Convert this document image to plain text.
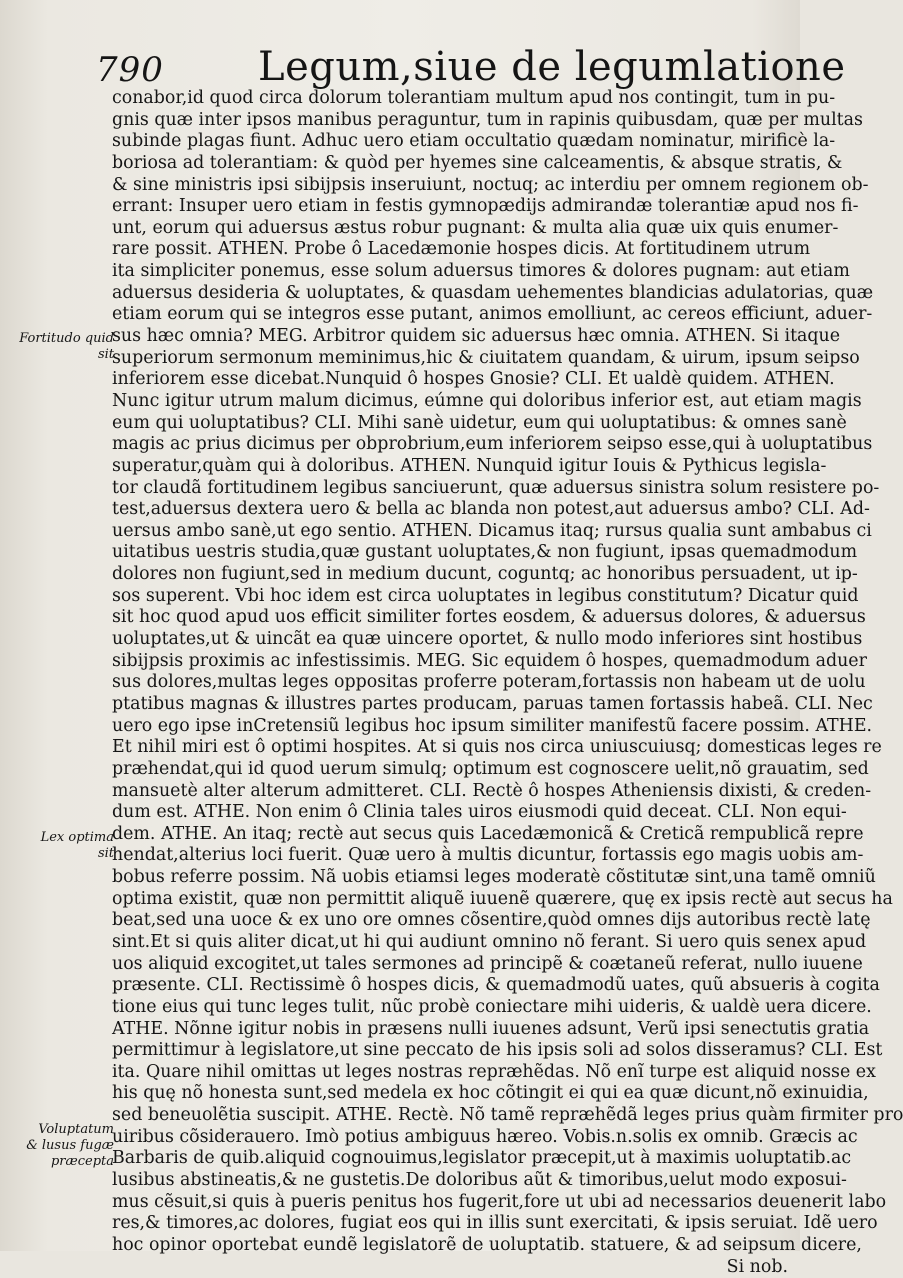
790 Legum,siue de legumlatione
Fortitudo quid
sit
Lex optima
sit
Voluptatum
& lusus fugæ
præcepta
conabor,id quod circa dolorum tolerantiam multum apud nos contingit, tum in pu-
gnis quæ inter ipsos manibus peraguntur, tum in rapinis quibusdam, quæ per multas
subinde plagas fiunt. Adhuc uero etiam occultatio quædam nominatur, mirificè la-
boriosa ad tolerantiam: & quòd per hyemes sine calceamentis, & absque stratis, &
& sine ministris ipsi sibijpsis inseruiunt, noctuq; ac interdiu per omnem regionem ob-
errant: Insuper uero etiam in festis gymnopædijs admirandæ tolerantiæ apud nos fi-
unt, eorum qui aduersus æstus robur pugnant: & multa alia quæ uix quis enumer-
rare possit. ATHEN. Probe ô Lacedæmonie hospes dicis. At fortitudinem utrum
ita simpliciter ponemus, esse solum aduersus timores & dolores pugnam: aut etiam
aduersus desideria & uoluptates, & quasdam uehementes blandicias adulatorias, quæ
etiam eorum qui se integros esse putant, animos emolliunt, ac cereos efficiunt, aduer-
sus hæc omnia? MEG. Arbitror quidem sic aduersus hæc omnia. ATHEN. Si itaque
superiorum sermonum meminimus,hic & ciuitatem quandam, & uirum, ipsum seipso
inferiorem esse dicebat.Nunquid ô hospes Gnosie? CLI. Et ualdè quidem. ATHEN.
Nunc igitur utrum malum dicimus, eúmne qui doloribus inferior est, aut etiam magis
eum qui uoluptatibus? CLI. Mihi sanè uidetur, eum qui uoluptatibus: & omnes sanè
magis ac prius dicimus per obprobrium,eum inferiorem seipso esse,qui à uoluptatibus
superatur,quàm qui à doloribus. ATHEN. Nunquid igitur Iouis & Pythicus legisla-
tor claudã fortitudinem legibus sanciuerunt, quæ aduersus sinistra solum resistere po-
test,aduersus dextera uero & bella ac blanda non potest,aut aduersus ambo? CLI. Ad-
uersus ambo sanè,ut ego sentio. ATHEN. Dicamus itaq; rursus qualia sunt ambabus ci
uitatibus uestris studia,quæ gustant uoluptates,& non fugiunt, ipsas quemadmodum
dolores non fugiunt,sed in medium ducunt, coguntq; ac honoribus persuadent, ut ip-
sos superent. Vbi hoc idem est circa uoluptates in legibus constitutum? Dicatur quid
sit hoc quod apud uos efficit similiter fortes eosdem, & aduersus dolores, & aduersus
uoluptates,ut & uincãt ea quæ uincere oportet, & nullo modo inferiores sint hostibus
sibijpsis proximis ac infestissimis. MEG. Sic equidem ô hospes, quemadmodum aduer
sus dolores,multas leges oppositas proferre poteram,fortassis non habeam ut de uolu
ptatibus magnas & illustres partes producam, paruas tamen fortassis habeã. CLI. Nec
uero ego ipse inCretensiũ legibus hoc ipsum similiter manifestũ facere possim. ATHE.
Et nihil miri est ô optimi hospites. At si quis nos circa uniuscuiusq; domesticas leges re
præhendat,qui id quod uerum simulq; optimum est cognoscere uelit,nõ grauatim, sed
mansuetè alter alterum admitteret. CLI. Rectè ô hospes Atheniensis dixisti, & creden-
dum est. ATHE. Non enim ô Clinia tales uiros eiusmodi quid deceat. CLI. Non equi-
dem. ATHE. An itaq; rectè aut secus quis Lacedæmonicã & Creticã rempublicã repre
hendat,alterius loci fuerit. Quæ uero à multis dicuntur, fortassis ego magis uobis am-
bobus referre possim. Nã uobis etiamsi leges moderatè cõstitutæ sint,una tamẽ omniũ
optima existit, quæ non permittit aliquẽ iuuenẽ quærere, quę ex ipsis rectè aut secus ha
beat,sed una uoce & ex uno ore omnes cõsentire,quòd omnes dijs autoribus rectè latę
sint.Et si quis aliter dicat,ut hi qui audiunt omnino nõ ferant. Si uero quis senex apud
uos aliquid excogitet,ut tales sermones ad principẽ & coætaneũ referat, nullo iuuene
præsente. CLI. Rectissimè ô hospes dicis, & quemadmodũ uates, quũ absueris à cogita
tione eius qui tunc leges tulit, nũc probè coniectare mihi uideris, & ualdè uera dicere.
ATHE. Nõnne igitur nobis in præsens nulli iuuenes adsunt, Verũ ipsi senectutis gratia
permittimur à legislatore,ut sine peccato de his ipsis soli ad solos disseramus? CLI. Est
ita. Quare nihil omittas ut leges nostras repræhẽdas. Nõ enĩ turpe est aliquid nosse ex
his quę nõ honesta sunt,sed medela ex hoc cõtingit ei qui ea quæ dicunt,nõ exinuidia,
sed beneuolẽtia suscipit. ATHE. Rectè. Nõ tamẽ repræhẽdã leges prius quàm firmiter pro
uiribus cõsiderauero. Imò potius ambiguus hæreo. Vobis.n.solis ex omnib. Græcis ac
Barbaris de quib.aliquid cognouimus,legislator præcepit,ut à maximis uoluptatib.ac
lusibus abstineatis,& ne gustetis.De doloribus aũt & timoribus,uelut modo exposui-
mus cẽsuit,si quis à pueris penitus hos fugerit,fore ut ubi ad necessarios deuenerit labo
res,& timores,ac dolores, fugiat eos qui in illis sunt exercitati, & ipsis seruiat. Idẽ uero
hoc opinor oportebat eundẽ legislatorẽ de uoluptatib. statuere, & ad seipsum dicere,
Si nob.
